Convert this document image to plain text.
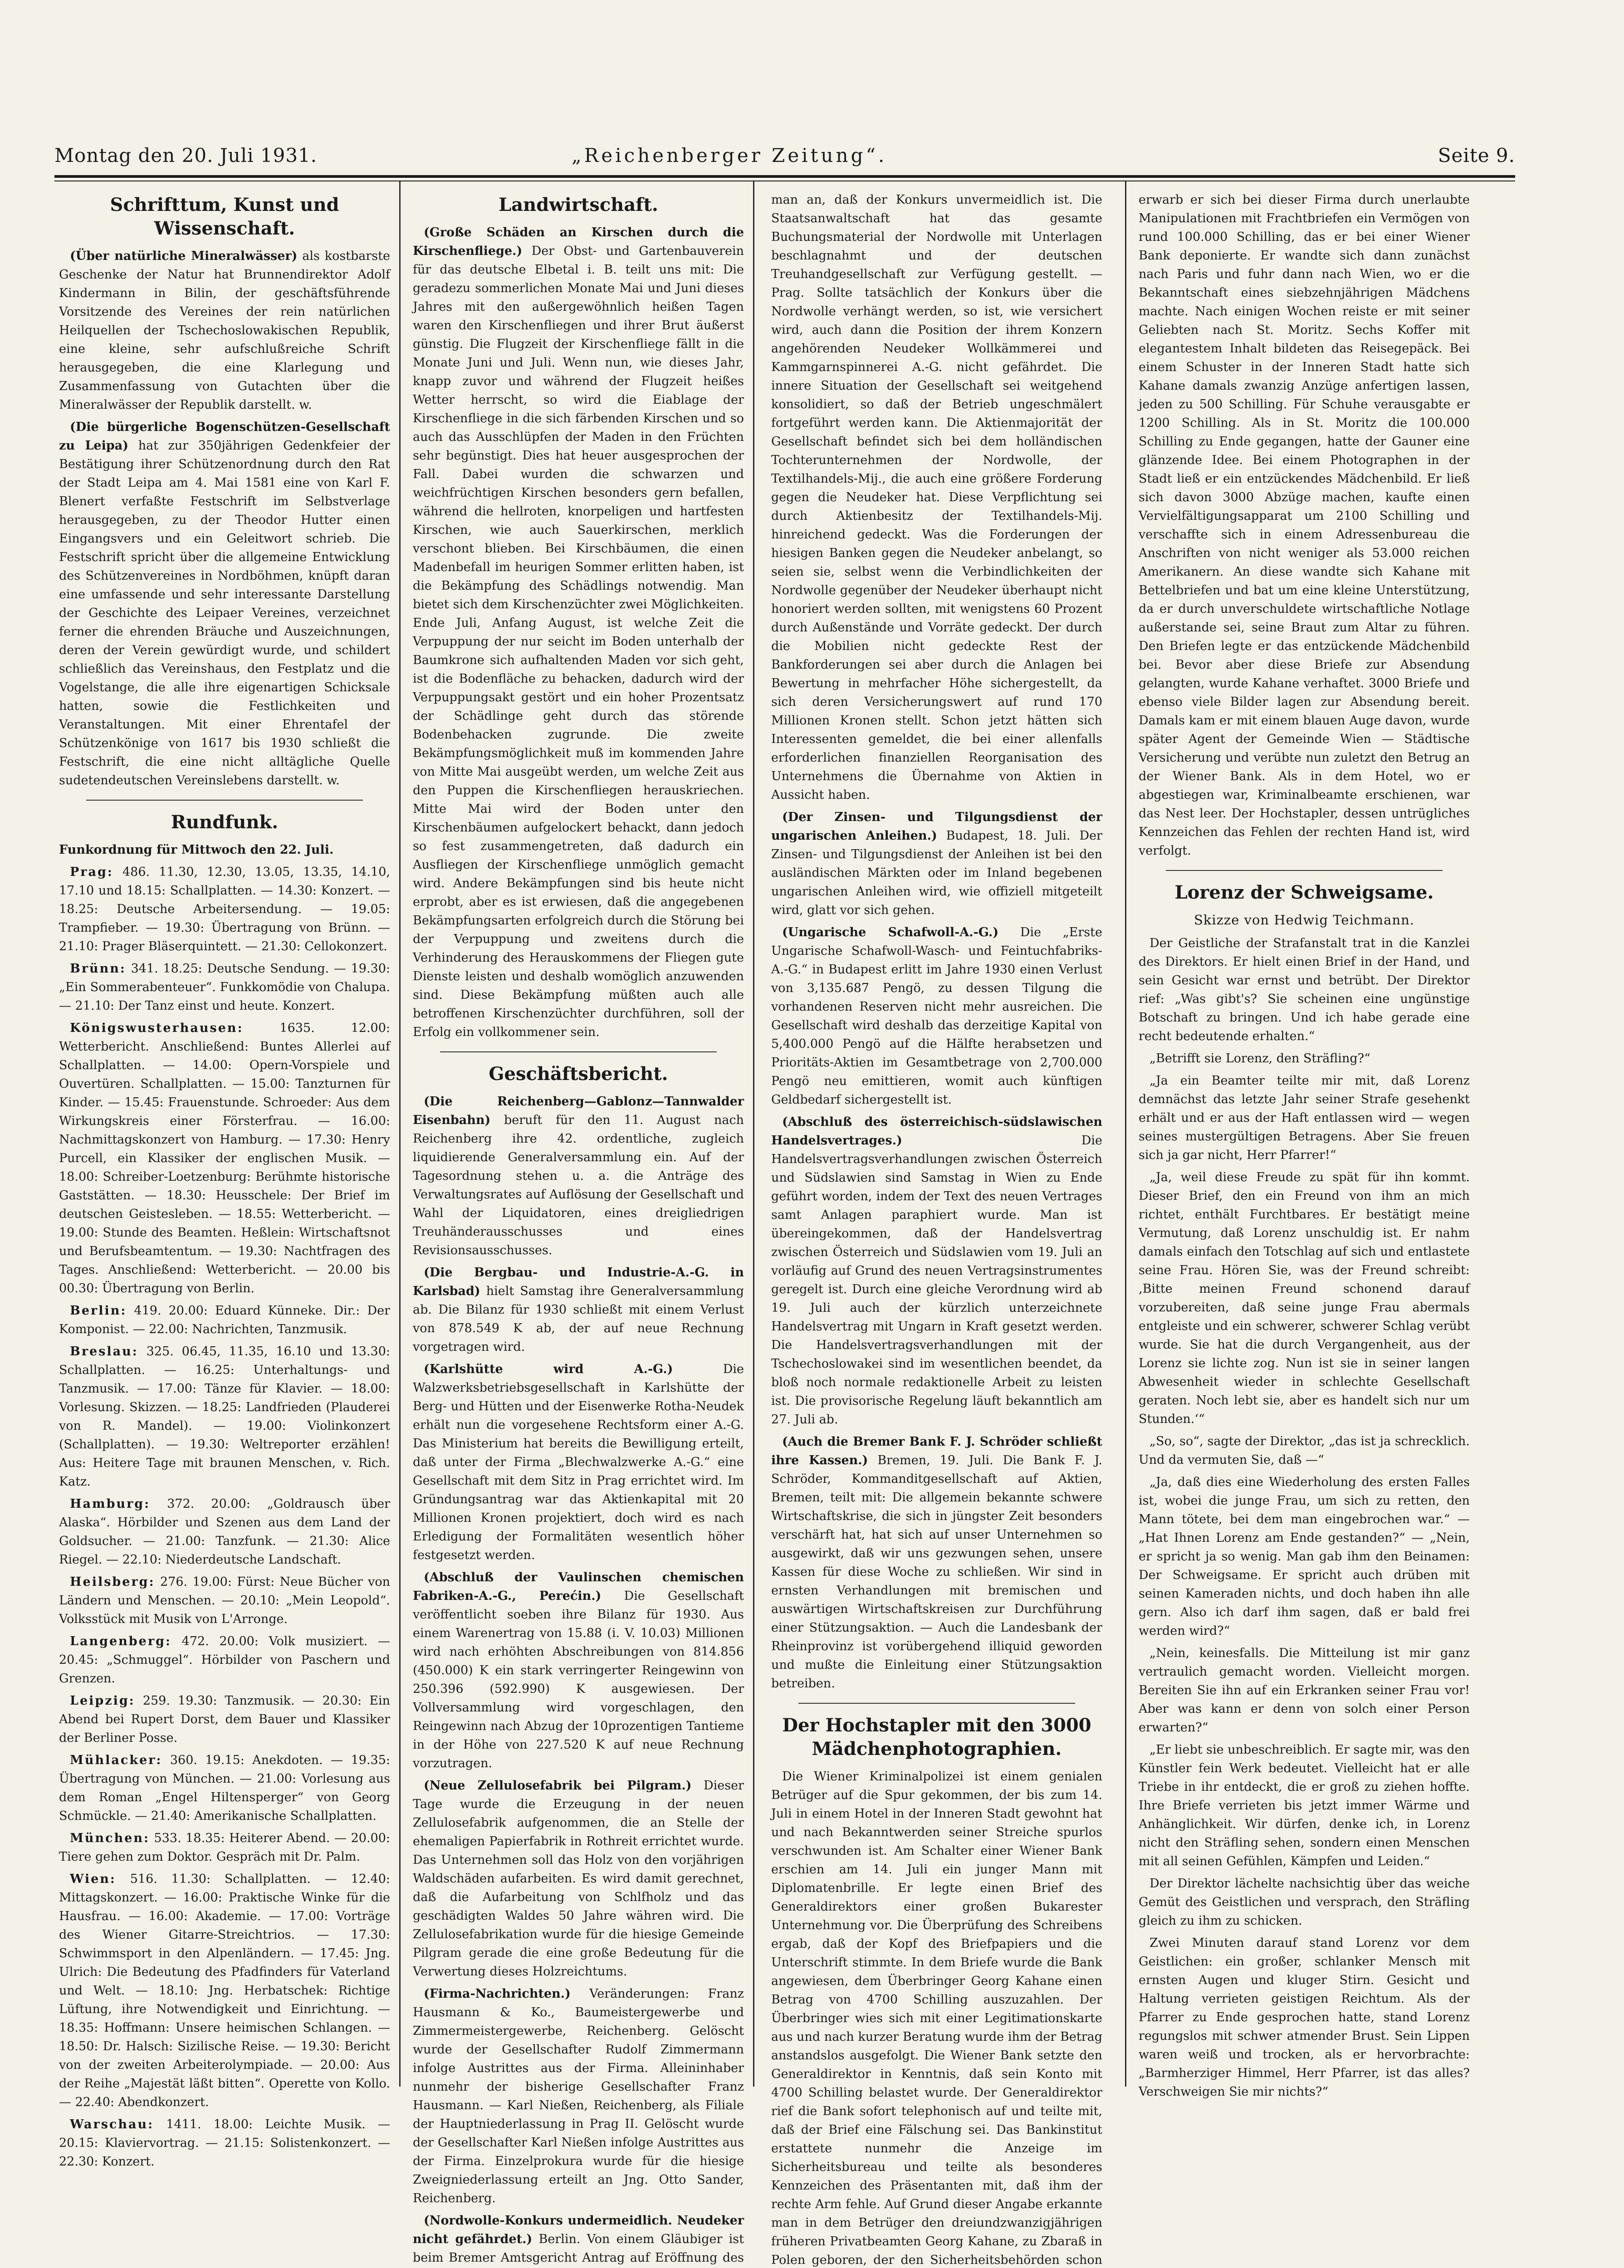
Montag den 20. Juli 1931.	„Reichenberger Zeitung“.	Seite 9.
Schrifttum, Kunst und Wissenschaft.

(Über natürliche Mineralwässer) als kostbarste Geschenke der Natur hat Brunnendirektor Adolf Kindermann in Bilin, der geschäftsführende Vorsitzende des Vereines der rein natürlichen Heilquellen der Tschechoslowakischen Republik, eine kleine, sehr aufschlußreiche Schrift herausgegeben, die eine Klarlegung und Zusammenfassung von Gutachten über die Mineralwässer der Republik darstellt. w.

(Die bürgerliche Bogenschützen-Gesellschaft zu Leipa) hat zur 350jährigen Gedenkfeier der Bestätigung ihrer Schützenordnung durch den Rat der Stadt Leipa am 4. Mai 1581 eine von Karl F. Blenert verfaßte Festschrift im Selbstverlage herausgegeben, zu der Theodor Hutter einen Eingangsvers und ein Geleitwort schrieb. Die Festschrift spricht über die allgemeine Entwicklung des Schützenvereines in Nordböhmen, knüpft daran eine umfassende und sehr interessante Darstellung der Geschichte des Leipaer Vereines, verzeichnet ferner die ehrenden Bräuche und Auszeichnungen, deren der Verein gewürdigt wurde, und schildert schließlich das Vereinshaus, den Festplatz und die Vogelstange, die alle ihre eigenartigen Schicksale hatten, sowie die Festlichkeiten und Veranstaltungen. Mit einer Ehrentafel der Schützenkönige von 1617 bis 1930 schließt die Festschrift, die eine nicht alltägliche Quelle sudetendeutschen Vereinslebens darstellt. w.

Rundfunk.

Funkordnung für Mittwoch den 22. Juli.

Prag: 486. 11.30, 12.30, 13.05, 13.35, 14.10, 17.10 und 18.15: Schallplatten. — 14.30: Konzert. — 18.25: Deutsche Arbeitersendung. — 19.05: Trampfieber. — 19.30: Übertragung von Brünn. — 21.10: Prager Bläserquintett. — 21.30: Cellokonzert.

Brünn: 341. 18.25: Deutsche Sendung. — 19.30: „Ein Sommerabenteuer“. Funkkomödie von Chalupa. — 21.10: Der Tanz einst und heute. Konzert.

Königswusterhausen:	1635. 12.00: Wetterbericht. Anschließend: Buntes Allerlei auf Schallplatten. — 14.00: Opern-Vorspiele und Ouvertüren. Schallplatten. — 15.00: Tanzturnen für Kinder. — 15.45: Frauenstunde. Schroeder: Aus dem Wirkungskreis einer Försterfrau. — 16.00: Nachmittagskonzert von Hamburg. — 17.30: Henry Purcell, ein Klassiker der englischen Musik. — 18.00: Schreiber-Loetzenburg: Berühmte historische Gaststätten. — 18.30: Heusschele: Der Brief im deutschen Geistesleben. — 18.55: Wetterbericht. — 19.00: Stunde des Beamten. Heßlein: Wirtschaftsnot und Berufsbeamtentum. — 19.30: Nachtfragen des Tages. Anschließend: Wetterbericht. — 20.00 bis 00.30: Übertragung von Berlin.

Berlin: 419. 20.00: Eduard Künneke. Dir.: Der Komponist. — 22.00: Nachrichten, Tanzmusik.

Breslau: 325. 06.45, 11.35, 16.10 und 13.30: Schallplatten. — 16.25: Unterhaltungs- und Tanzmusik. — 17.00: Tänze für Klavier. — 18.00: Vorlesung. Skizzen. — 18.25: Landfrieden (Plauderei von R. Mandel). — 19.00: Violinkonzert (Schallplatten). — 19.30: Weltreporter erzählen! Aus: Heitere Tage mit braunen Menschen, v. Rich. Katz.

Hamburg: 372. 20.00: „Goldrausch über Alaska“. Hörbilder und Szenen aus dem Land der Goldsucher. — 21.00: Tanzfunk. — 21.30: Alice Riegel. — 22.10: Niederdeutsche Landschaft.

Heilsberg: 276. 19.00: Fürst: Neue Bücher von Ländern und Menschen. — 20.10: „Mein Leopold“. Volksstück mit Musik von L'Arronge.

Langenberg: 472. 20.00: Volk musiziert. — 20.45: „Schmuggel“. Hörbilder von Paschern und Grenzen.

Leipzig: 259. 19.30: Tanzmusik. — 20.30: Ein Abend bei Rupert Dorst, dem Bauer und Klassiker der Berliner Posse.

Mühlacker: 360. 19.15: Anekdoten. — 19.35: Übertragung von München. — 21.00: Vorlesung aus dem Roman „Engel Hiltensperger“ von Georg Schmückle. — 21.40: Amerikanische Schallplatten.

München: 533. 18.35: Heiterer Abend. — 20.00: Tiere gehen zum Doktor. Gespräch mit Dr. Palm.

Wien: 516. 11.30: Schallplatten. — 12.40: Mittagskonzert. — 16.00: Praktische Winke für die Hausfrau. — 16.00: Akademie. — 17.00: Vorträge des Wiener Gitarre-Streichtrios. — 17.30: Schwimmsport in den Alpenländern. — 17.45: Jng. Ulrich: Die Bedeutung des Pfadfinders für Vaterland und Welt. — 18.10: Jng. Herbatschek: Richtige Lüftung, ihre Notwendigkeit und Einrichtung. — 18.35: Hoffmann: Unsere heimischen Schlangen. — 18.50: Dr. Halsch: Sizilische Reise. — 19.30: Bericht von der zweiten Arbeiterolympiade. — 20.00: Aus der Reihe „Majestät läßt bitten“. Operette von Kollo. — 22.40: Abendkonzert.

Warschau: 1411. 18.00: Leichte Musik. — 20.15: Klaviervortrag. — 21.15: Solistenkonzert. — 22.30: Konzert.

Landwirtschaft.

(Große Schäden an Kirschen durch die Kirschenfliege.) Der Obst- und Gartenbauverein für das deutsche Elbetal i. B. teilt uns mit: Die geradezu sommerlichen Monate Mai und Juni dieses Jahres mit den außergewöhnlich heißen Tagen waren den Kirschenfliegen und ihrer Brut äußerst günstig. Die Flugzeit der Kirschenfliege fällt in die Monate Juni und Juli. Wenn nun, wie dieses Jahr, knapp zuvor und während der Flugzeit heißes Wetter herrscht, so wird die Eiablage der Kirschenfliege in die sich färbenden Kirschen und so auch das Ausschlüpfen der Maden in den Früchten sehr begünstigt. Dies hat heuer ausgesprochen der Fall. Dabei wurden die schwarzen und weichfrüchtigen Kirschen besonders gern befallen, während die hellroten, knorpeligen und hartfesten Kirschen, wie auch Sauerkirschen, merklich verschont blieben. Bei Kirschbäumen, die einen Madenbefall im heurigen Sommer erlitten haben, ist die Bekämpfung des Schädlings notwendig. Man bietet sich dem Kirschenzüchter zwei Möglichkeiten. Ende Juli, Anfang August, ist welche Zeit die Verpuppung der nur seicht im Boden unterhalb der Baumkrone sich aufhaltenden Maden vor sich geht, ist die Bodenfläche zu behacken, dadurch wird der Verpuppungsakt gestört und ein hoher Prozentsatz der Schädlinge geht durch das störende Bodenbehacken zugrunde. Die zweite Bekämpfungsmöglichkeit muß im kommenden Jahre von Mitte Mai ausgeübt werden, um welche Zeit aus den Puppen die Kirschenfliegen herauskriechen. Mitte Mai wird der Boden unter den Kirschenbäumen aufgelockert behackt, dann jedoch so fest zusammengetreten, daß dadurch ein Ausfliegen der Kirschenfliege unmöglich gemacht wird. Andere Bekämpfungen sind bis heute nicht erprobt, aber es ist erwiesen, daß die angegebenen Bekämpfungsarten erfolgreich durch die Störung bei der Verpuppung und zweitens durch die Verhinderung des Herauskommens der Fliegen gute Dienste leisten und deshalb womöglich anzuwenden sind. Diese Bekämpfung müßten auch alle betroffenen Kirschenzüchter durchführen, soll der Erfolg ein vollkommener sein.

Geschäftsbericht.

(Die Reichenberg—Gablonz—Tannwalder Eisenbahn) beruft für den 11. August nach Reichenberg ihre 42. ordentliche, zugleich liquidierende Generalversammlung ein. Auf der Tagesordnung stehen u. a. die Anträge des Verwaltungsrates auf Auflösung der Gesellschaft und Wahl der Liquidatoren, eines dreigliedrigen Treuhänderausschusses und eines Revisionsausschusses.

(Die Bergbau- und Industrie-A.-G. in Karlsbad) hielt Samstag ihre Generalversammlung ab. Die Bilanz für 1930 schließt mit einem Verlust von 878.549 K ab, der auf neue Rechnung vorgetragen wird.

(Karlshütte wird A.-G.)	Die Walzwerksbetriebsgesellschaft in Karlshütte der Berg- und Hütten und der Eisenwerke Rotha-Neudek erhält nun die vorgesehene Rechtsform einer A.-G. Das Ministerium hat bereits die Bewilligung erteilt, daß unter der Firma „Blechwalzwerke A.-G.“ eine Gesellschaft mit dem Sitz in Prag errichtet wird. Im Gründungsantrag war das Aktienkapital mit 20 Millionen Kronen projektiert, doch wird es nach Erledigung der Formalitäten wesentlich höher festgesetzt werden.

(Abschluß der Vaulinschen chemischen Fabriken-A.-G., Perećin.) Die Gesellschaft veröffentlicht soeben ihre Bilanz für 1930. Aus einem Warenertrag von 15.88 (i. V. 10.03) Millionen wird nach erhöhten Abschreibungen von 814.856 (450.000) K ein stark verringerter Reingewinn von 250.396 (592.990) K ausgewiesen. Der Vollversammlung wird vorgeschlagen, den Reingewinn nach Abzug der 10prozentigen Tantieme in der Höhe von 227.520 K auf neue Rechnung vorzutragen.

(Neue Zellulosefabrik bei Pilgram.) Dieser Tage wurde die Erzeugung in der neuen Zellulosefabrik aufgenommen, die an Stelle der ehemaligen Papierfabrik in Rothreit errichtet wurde. Das Unternehmen soll das Holz von den vorjährigen Waldschäden aufarbeiten. Es wird damit gerechnet, daß die Aufarbeitung von Schlfholz und das geschädigten Waldes 50 Jahre währen wird. Die Zellulosefabrikation wurde für die hiesige Gemeinde Pilgram gerade die eine große Bedeutung für die Verwertung dieses Holzreichtums.

(Firma-Nachrichten.) Veränderungen: Franz Hausmann & Ko., Baumeistergewerbe und Zimmermeistergewerbe, Reichenberg. Gelöscht wurde der Gesellschafter Rudolf Zimmermann infolge Austrittes aus der Firma. Alleininhaber nunmehr der bisherige Gesellschafter Franz Hausmann. — Karl Nießen, Reichenberg, als Filiale der Hauptniederlassung in Prag II. Gelöscht wurde der Gesellschafter Karl Nießen infolge Austrittes aus der Firma. Einzelprokura wurde für die hiesige Zweigniederlassung erteilt an Jng. Otto Sander, Reichenberg.

(Nordwolle-Konkurs undermeidlich. Neudeker nicht gefährdet.) Berlin. Von einem Gläubiger ist beim Bremer Amtsgericht Antrag auf Eröffnung des

man an, daß der Konkurs unvermeidlich ist. Die Staatsanwaltschaft hat das gesamte Buchungsmaterial der Nordwolle mit Unterlagen beschlagnahmt und der deutschen Treuhandgesellschaft zur Verfügung gestellt. — Prag. Sollte tatsächlich der Konkurs über die Nordwolle verhängt werden, so ist, wie versichert wird, auch dann die Position der ihrem Konzern angehörenden Neudeker Wollkämmerei und Kammgarnspinnerei A.-G. nicht gefährdet. Die innere Situation der Gesellschaft sei weitgehend konsolidiert, so daß der Betrieb ungeschmälert fortgeführt werden kann. Die Aktienmajorität der Gesellschaft befindet sich bei dem holländischen Tochterunternehmen der Nordwolle, der Textilhandels-Mij., die auch eine größere Forderung gegen die Neudeker hat. Diese Verpflichtung sei durch Aktienbesitz der Textilhandels-Mij. hinreichend gedeckt. Was die Forderungen der hiesigen Banken gegen die Neudeker anbelangt, so seien sie, selbst wenn die Verbindlichkeiten der Nordwolle gegenüber der Neudeker überhaupt nicht honoriert werden sollten, mit wenigstens 60 Prozent durch Außenstände und Vorräte gedeckt. Der durch die Mobilien nicht gedeckte Rest der Bankforderungen sei aber durch die Anlagen bei Bewertung in mehrfacher Höhe sichergestellt, da sich deren Versicherungswert auf rund 170 Millionen Kronen stellt. Schon jetzt hätten sich Interessenten gemeldet, die bei einer allenfalls erforderlichen finanziellen Reorganisation des Unternehmens die Übernahme von Aktien in Aussicht haben.

(Der Zinsen- und Tilgungsdienst der ungarischen Anleihen.) Budapest, 18. Juli. Der Zinsen- und Tilgungsdienst der Anleihen ist bei den ausländischen Märkten oder im Inland begebenen ungarischen Anleihen wird, wie offiziell mitgeteilt wird, glatt vor sich gehen.

(Ungarische Schafwoll-A.-G.) Die „Erste Ungarische Schafwoll-Wasch- und Feintuchfabriks-A.-G.“ in Budapest erlitt im Jahre 1930 einen Verlust von 3,135.687 Pengö, zu dessen Tilgung die vorhandenen Reserven nicht mehr ausreichen. Die Gesellschaft wird deshalb das derzeitige Kapital von 5,400.000 Pengö auf die Hälfte herabsetzen und Prioritäts-Aktien im Gesamtbetrage von 2,700.000 Pengö neu emittieren, womit auch künftigen Geldbedarf sichergestellt ist.

(Abschluß des österreichisch-südslawischen Handelsvertrages.)	Die Handelsvertragsverhandlungen zwischen Österreich und Südslawien sind Samstag in Wien zu Ende geführt worden, indem der Text des neuen Vertrages samt Anlagen paraphiert wurde. Man ist übereingekommen, daß der Handelsvertrag zwischen Österreich und Südslawien vom 19. Juli an vorläufig auf Grund des neuen Vertragsinstrumentes geregelt ist. Durch eine gleiche Verordnung wird ab 19. Juli auch der kürzlich unterzeichnete Handelsvertrag mit Ungarn in Kraft gesetzt werden. Die Handelsvertragsverhandlungen mit der Tschechoslowakei sind im wesentlichen beendet, da bloß noch normale redaktionelle Arbeit zu leisten ist. Die provisorische Regelung läuft bekanntlich am 27. Juli ab.

(Auch die Bremer Bank F. J. Schröder schließt ihre Kassen.) Bremen, 19. Juli. Die Bank F. J. Schröder, Kommanditgesellschaft auf Aktien, Bremen, teilt mit: Die allgemein bekannte schwere Wirtschaftskrise, die sich in jüngster Zeit besonders verschärft hat, hat sich auf unser Unternehmen so ausgewirkt, daß wir uns gezwungen sehen, unsere Kassen für diese Woche zu schließen. Wir sind in ernsten Verhandlungen mit bremischen und auswärtigen Wirtschaftskreisen zur Durchführung einer Stützungsaktion. — Auch die Landesbank der Rheinprovinz ist vorübergehend illiquid geworden und mußte die Einleitung einer Stützungsaktion betreiben.

Der Hochstapler mit den 3000 Mädchenphotographien.

Die Wiener Kriminalpolizei ist einem genialen Betrüger auf die Spur gekommen, der bis zum 14. Juli in einem Hotel in der Inneren Stadt gewohnt hat und nach Bekanntwerden seiner Streiche spurlos verschwunden ist. Am Schalter einer Wiener Bank erschien am 14. Juli ein junger Mann mit Diplomatenbrille. Er legte einen Brief des Generaldirektors einer großen Bukarester Unternehmung vor. Die Überprüfung des Schreibens ergab, daß der Kopf des Briefpapiers und die Unterschrift stimmte. In dem Briefe wurde die Bank angewiesen, dem Überbringer Georg Kahane einen Betrag von 4700 Schilling auszuzahlen. Der Überbringer wies sich mit einer Legitimationskarte aus und nach kurzer Beratung wurde ihm der Betrag anstandslos ausgefolgt. Die Wiener Bank setzte den Generaldirektor in Kenntnis, daß sein Konto mit 4700 Schilling belastet wurde. Der Generaldirektor rief die Bank sofort telephonisch auf und teilte mit, daß der Brief eine Fälschung sei. Das Bankinstitut erstattete nunmehr die Anzeige im Sicherheitsbureau und teilte als besonderes Kennzeichen des Präsentanten mit, daß ihm der rechte Arm fehle. Auf Grund dieser Angabe erkannte man in dem Betrüger den dreiundzwanzigjährigen früheren Privatbeamten Georg Kahane, zu Zbaraß in Polen geboren, der den Sicherheitsbehörden schon

erwarb er sich bei dieser Firma durch unerlaubte Manipulationen mit Frachtbriefen ein Vermögen von rund 100.000 Schilling, das er bei einer Wiener Bank deponierte. Er wandte sich dann zunächst nach Paris und fuhr dann nach Wien, wo er die Bekanntschaft eines siebzehnjährigen Mädchens machte. Nach einigen Wochen reiste er mit seiner Geliebten nach St. Moritz. Sechs Koffer mit elegantestem Inhalt bildeten das Reisegepäck. Bei einem Schuster in der Inneren Stadt hatte sich Kahane damals zwanzig Anzüge anfertigen lassen, jeden zu 500 Schilling. Für Schuhe verausgabte er 1200 Schilling. Als in St. Moritz die 100.000 Schilling zu Ende gegangen, hatte der Gauner eine glänzende Idee. Bei einem Photographen in der Stadt ließ er ein entzückendes Mädchenbild. Er ließ sich davon 3000 Abzüge machen, kaufte einen Vervielfältigungsapparat um 2100 Schilling und verschaffte sich in einem Adressenbureau die Anschriften von nicht weniger als 53.000 reichen Amerikanern. An diese wandte sich Kahane mit Bettelbriefen und bat um eine kleine Unterstützung, da er durch unverschuldete wirtschaftliche Notlage außerstande sei, seine Braut zum Altar zu führen. Den Briefen legte er das entzückende Mädchenbild bei. Bevor aber diese Briefe zur Absendung gelangten, wurde Kahane verhaftet. 3000 Briefe und ebenso viele Bilder lagen zur Absendung bereit. Damals kam er mit einem blauen Auge davon, wurde später Agent der Gemeinde Wien — Städtische Versicherung und verübte nun zuletzt den Betrug an der Wiener Bank. Als in dem Hotel, wo er abgestiegen war, Kriminalbeamte erschienen, war das Nest leer. Der Hochstapler, dessen untrügliches Kennzeichen das Fehlen der rechten Hand ist, wird verfolgt.

Lorenz der Schweigsame.
Skizze von Hedwig Teichmann.

Der Geistliche der Strafanstalt trat in die Kanzlei des Direktors. Er hielt einen Brief in der Hand, und sein Gesicht war ernst und betrübt. Der Direktor rief: „Was gibt's? Sie scheinen eine ungünstige Botschaft zu bringen. Und ich habe gerade eine recht bedeutende erhalten.“

„Betrifft sie Lorenz, den Sträfling?“

„Ja ein Beamter teilte mir mit, daß Lorenz demnächst das letzte Jahr seiner Strafe gesehenkt erhält und er aus der Haft entlassen wird — wegen seines mustergültigen Betragens. Aber Sie freuen sich ja gar nicht, Herr Pfarrer!“

„Ja, weil diese Freude zu spät für ihn kommt. Dieser Brief, den ein Freund von ihm an mich richtet, enthält Furchtbares. Er bestätigt meine Vermutung, daß Lorenz unschuldig ist. Er nahm damals einfach den Totschlag auf sich und entlastete seine Frau. Hören Sie, was der Freund schreibt: ‚Bitte meinen Freund schonend darauf vorzubereiten, daß seine junge Frau abermals entgleiste und ein schwerer, schwerer Schlag verübt wurde. Sie hat die durch Vergangenheit, aus der Lorenz sie lichte zog. Nun ist sie in seiner langen Abwesenheit wieder in schlechte Gesellschaft geraten. Noch lebt sie, aber es handelt sich nur um Stunden.‘“

„So, so“, sagte der Direktor, „das ist ja schrecklich. Und da vermuten Sie, daß —“

„Ja, daß dies eine Wiederholung des ersten Falles ist, wobei die junge Frau, um sich zu retten, den Mann tötete, bei dem man eingebrochen war.“ — „Hat Ihnen Lorenz am Ende gestanden?“ — „Nein, er spricht ja so wenig. Man gab ihm den Beinamen: Der Schweigsame. Er spricht auch drüben mit seinen Kameraden nichts, und doch haben ihn alle gern. Also ich darf ihm sagen, daß er bald frei werden wird?“

„Nein, keinesfalls. Die Mitteilung ist mir ganz vertraulich gemacht worden. Vielleicht morgen. Bereiten Sie ihn auf ein Erkranken seiner Frau vor! Aber was kann er denn von solch einer Person erwarten?“

„Er liebt sie unbeschreiblich. Er sagte mir, was den Künstler fein Werk bedeutet. Vielleicht hat er alle Triebe in ihr entdeckt, die er groß zu ziehen hoffte. Ihre Briefe verrieten bis jetzt immer Wärme und Anhänglichkeit. Wir dürfen, denke ich, in Lorenz nicht den Sträfling sehen, sondern einen Menschen mit all seinen Gefühlen, Kämpfen und Leiden.“

Der Direktor lächelte nachsichtig über das weiche Gemüt des Geistlichen und versprach, den Sträfling gleich zu ihm zu schicken.

Zwei Minuten darauf stand Lorenz vor dem Geistlichen: ein großer, schlanker Mensch mit ernsten Augen und kluger Stirn. Gesicht und Haltung verrieten geistigen Reichtum. Als der Pfarrer zu Ende gesprochen hatte, stand Lorenz regungslos mit schwer atmender Brust. Sein Lippen waren weiß und trocken, als er hervorbrachte: „Barmherziger Himmel, Herr Pfarrer, ist das alles? Verschweigen Sie mir nichts?“
